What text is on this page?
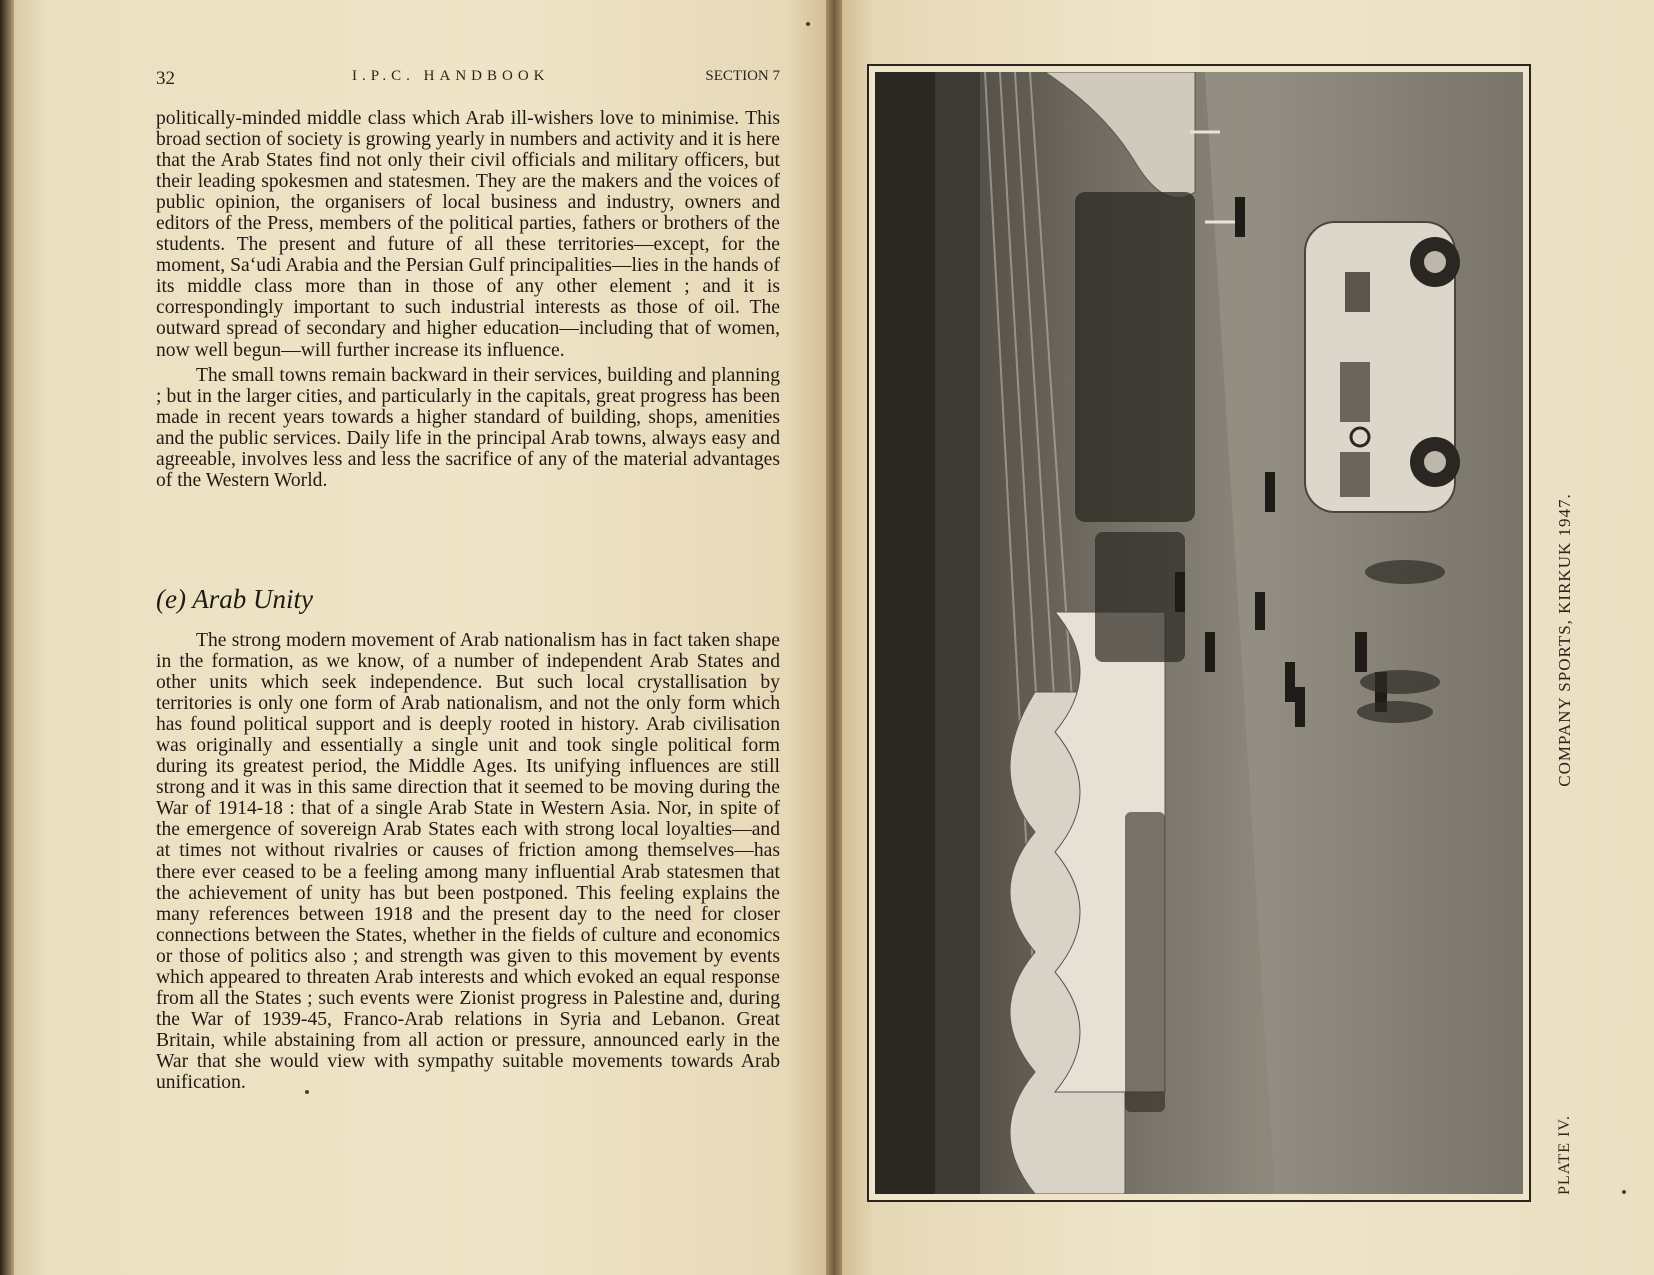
32	I.P.C. HANDBOOK	SECTION 7

politically-minded middle class which Arab ill-wishers love to minimise. This broad section of society is growing yearly in numbers and activity and it is here that the Arab States find not only their civil officials and military officers, but their leading spokesmen and statesmen. They are the makers and the voices of public opinion, the organisers of local business and industry, owners and editors of the Press, members of the political parties, fathers or brothers of the students. The present and future of all these territories—except, for the moment, Sa‘udi Arabia and the Persian Gulf principalities—lies in the hands of its middle class more than in those of any other element ; and it is correspondingly important to such industrial interests as those of oil. The outward spread of secondary and higher education—including that of women, now well begun—will further increase its influence.

The small towns remain backward in their services, building and planning ; but in the larger cities, and particularly in the capitals, great progress has been made in recent years towards a higher standard of building, shops, amenities and the public services. Daily life in the principal Arab towns, always easy and agreeable, involves less and less the sacrifice of any of the material advantages of the Western World.

(e) Arab Unity

The strong modern movement of Arab nationalism has in fact taken shape in the formation, as we know, of a number of independent Arab States and other units which seek independence. But such local crystallisation by territories is only one form of Arab nationalism, and not the only form which has found political support and is deeply rooted in history. Arab civilisation was originally and essentially a single unit and took single political form during its greatest period, the Middle Ages. Its unifying influences are still strong and it was in this same direction that it seemed to be moving during the War of 1914-18 : that of a single Arab State in Western Asia. Nor, in spite of the emergence of sovereign Arab States each with strong local loyalties—and at times not without rivalries or causes of friction among themselves—has there ever ceased to be a feeling among many influential Arab statesmen that the achievement of unity has but been postponed. This feeling explains the many references between 1918 and the present day to the need for closer connections between the States, whether in the fields of culture and economics or those of politics also ; and strength was given to this movement by events which appeared to threaten Arab interests and which evoked an equal response from all the States ; such events were Zionist progress in Palestine and, during the War of 1939-45, Franco-Arab relations in Syria and Lebanon. Great Britain, while abstaining from all action or pressure, announced early in the War that she would view with sympathy suitable movements towards Arab unification.

COMPANY SPORTS, KIRKUK 1947.
PLATE IV.
